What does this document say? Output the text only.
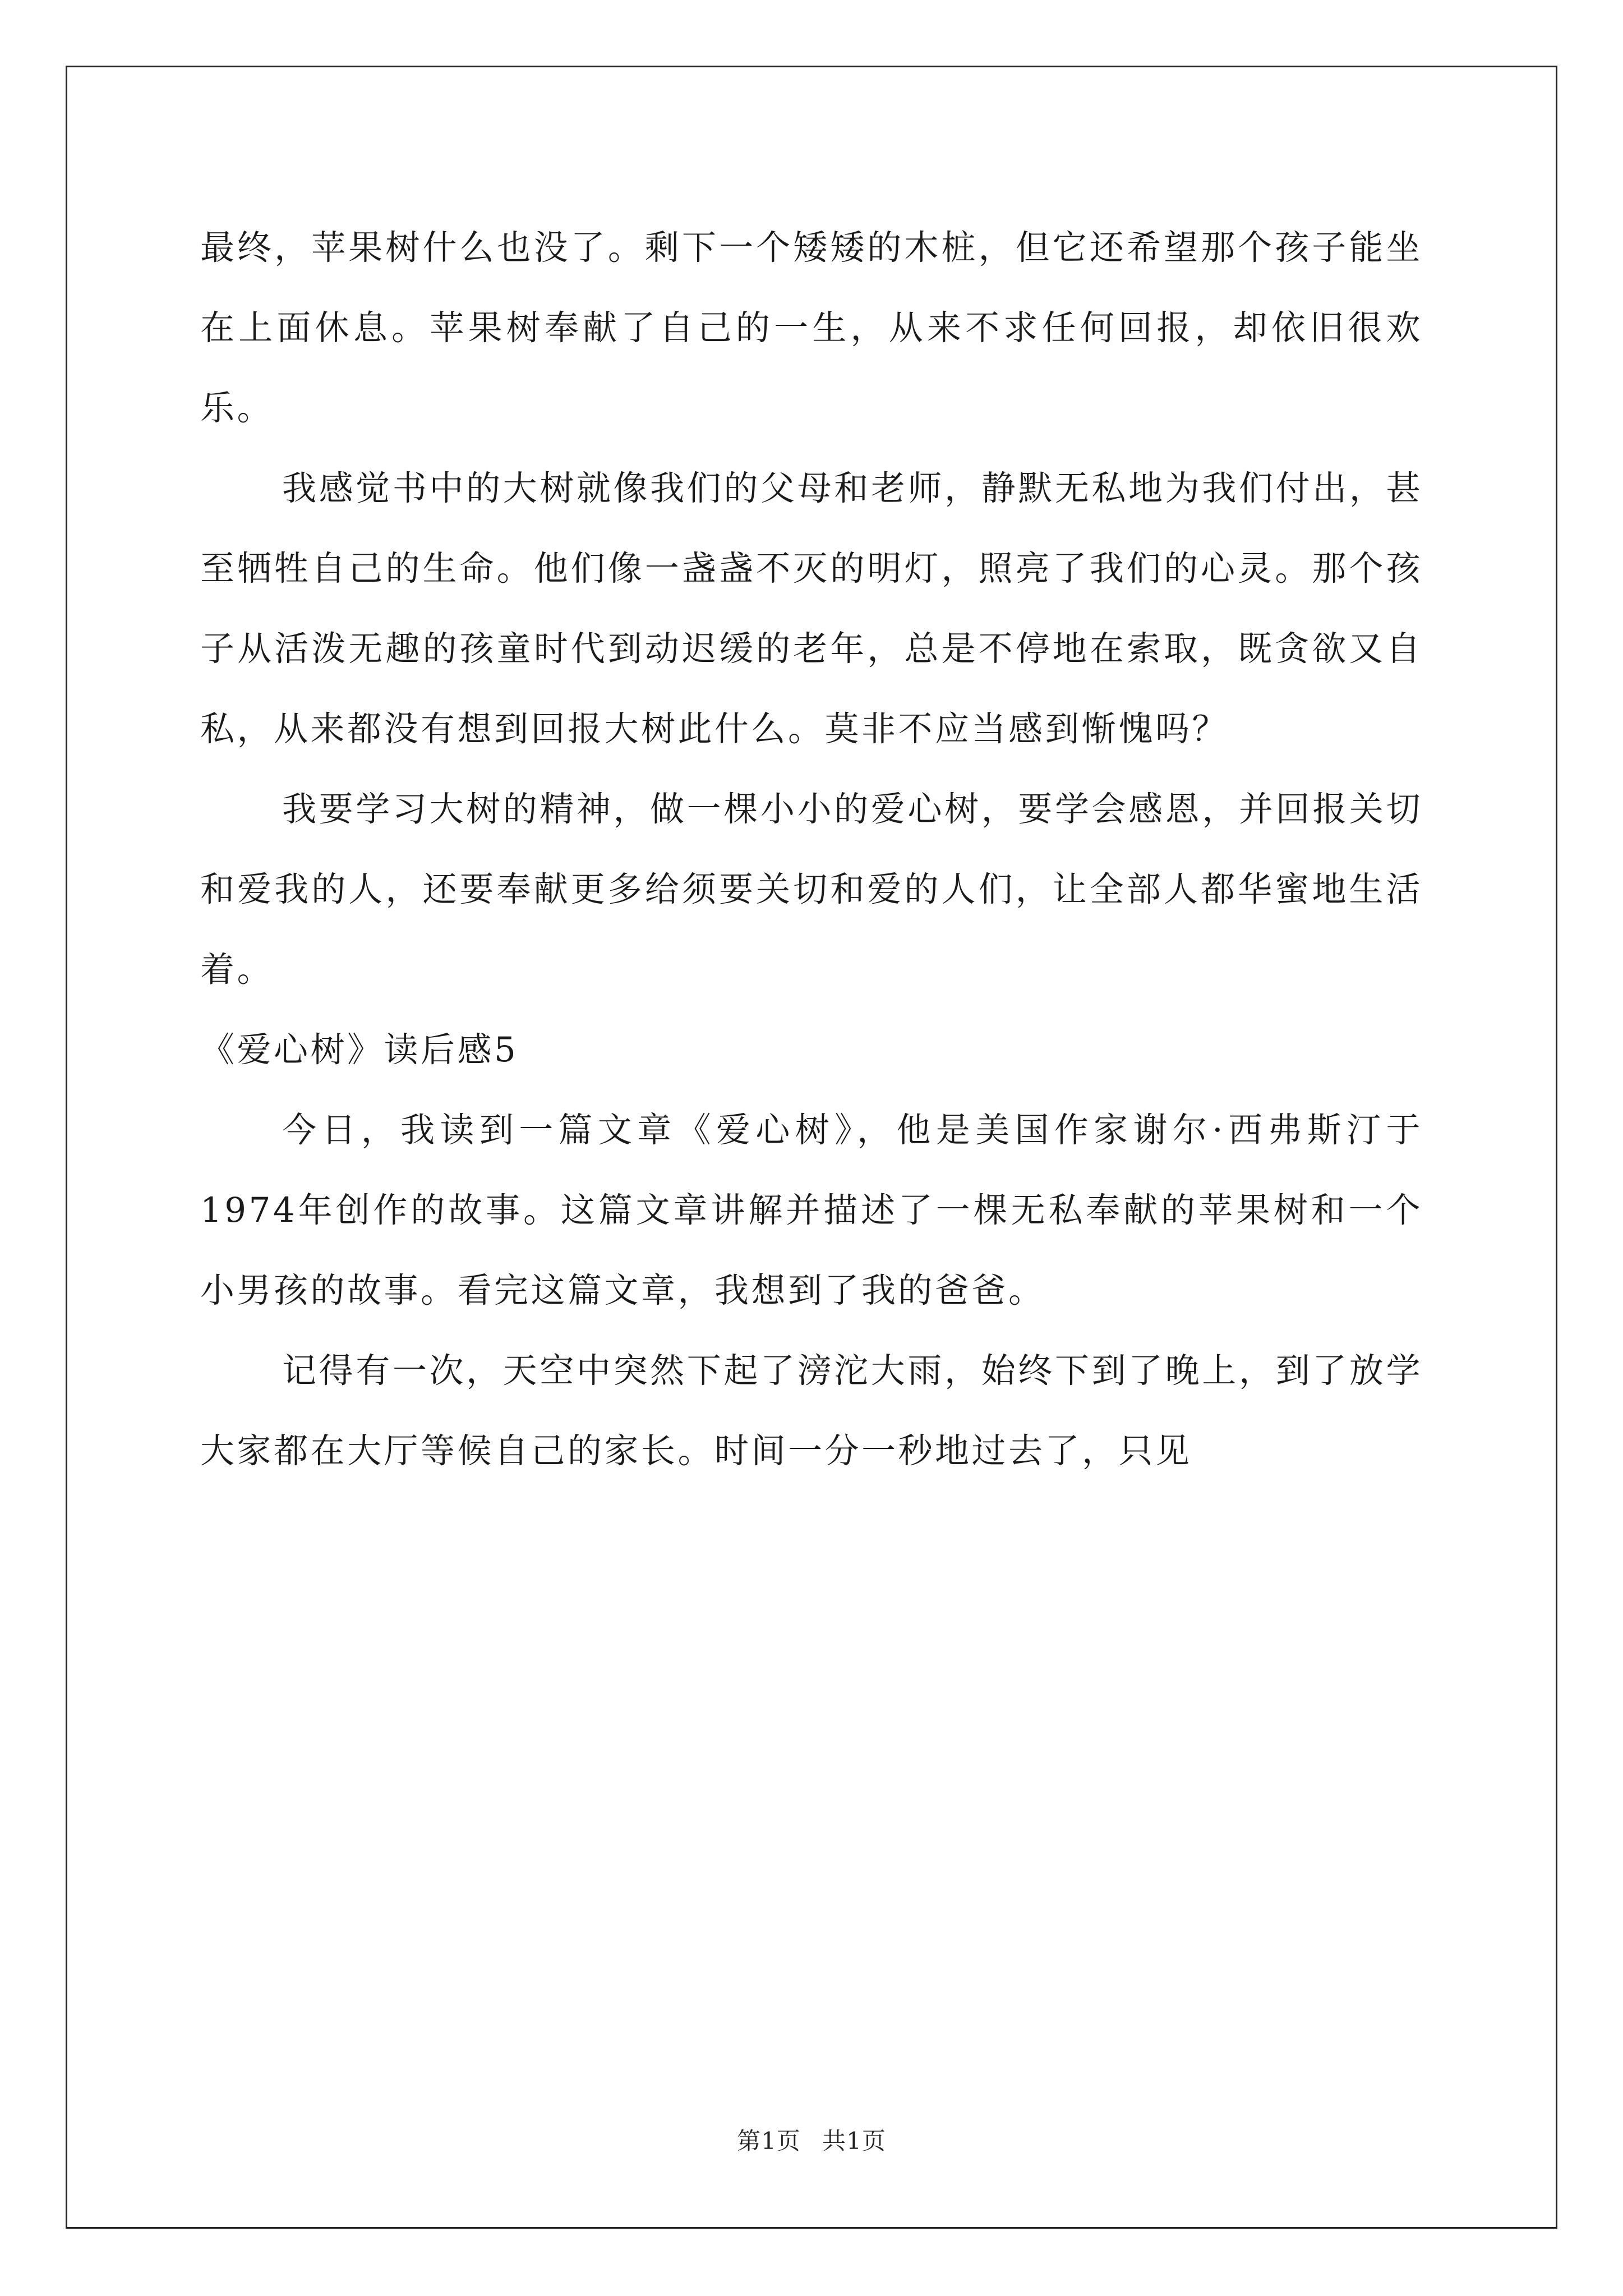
最终，苹果树什么也没了。剩下一个矮矮的木桩，但它还希望那个孩子能坐在上面休息。苹果树奉献了自己的一生，从来不求任何回报，却依旧很欢乐。

我感觉书中的大树就像我们的父母和老师，静默无私地为我们付出，甚至牺牲自己的生命。他们像一盏盏不灭的明灯，照亮了我们的心灵。那个孩子从活泼无趣的孩童时代到动迟缓的老年，总是不停地在索取，既贪欲又自私，从来都没有想到回报大树此什么。莫非不应当感到惭愧吗？

我要学习大树的精神，做一棵小小的爱心树，要学会感恩，并回报关切和爱我的人，还要奉献更多给须要关切和爱的人们，让全部人都华蜜地生活着。

《爱心树》读后感5

今日，我读到一篇文章《爱心树》，他是美国作家谢尔·西弗斯汀于1974年创作的故事。这篇文章讲解并描述了一棵无私奉献的苹果树和一个小男孩的故事。看完这篇文章，我想到了我的爸爸。

记得有一次，天空中突然下起了滂沱大雨，始终下到了晚上，到了放学大家都在大厅等候自己的家长。时间一分一秒地过去了，只见

第1页 共1页
